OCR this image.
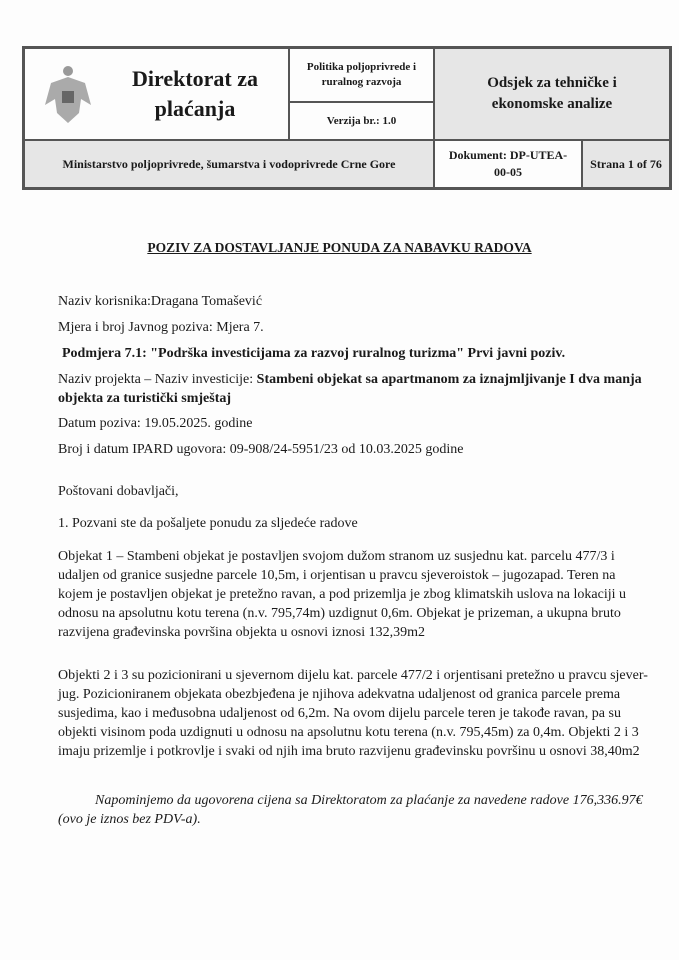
Direktorat za plaćanja
Politika poljoprivrede i ruralnog razvoja
Verzija br.: 1.0
Odsjek za tehničke i ekonomske analize
Ministarstvo poljoprivrede, šumarstva i vodoprivrede Crne Gore
Dokument: DP-UTEA-00-05
Strana 1 of 76
POZIV ZA DOSTAVLJANJE PONUDA ZA NABAVKU RADOVA
Naziv korisnika:Dragana Tomašević
Mjera i broj Javnog poziva: Mjera 7.
Podmjera 7.1: "Podrška investicijama za razvoj ruralnog turizma" Prvi javni poziv.
Naziv projekta – Naziv investicije: Stambeni objekat sa apartmanom za iznajmljivanje I dva manja objekta za turistički smještaj
Datum poziva: 19.05.2025. godine
Broj i datum IPARD ugovora: 09-908/24-5951/23 od 10.03.2025 godine
Poštovani dobavljači,
1. Pozvani ste da pošaljete ponudu za sljedeće radove
Objekat 1 – Stambeni objekat je postavljen svojom dužom stranom uz susjednu kat. parcelu 477/3 i udaljen od granice susjedne parcele 10,5m, i orjentisan u pravcu sjeveroistok – jugozapad. Teren na kojem je postavljen objekat je pretežno ravan, a pod prizemlja je zbog klimatskih uslova na lokaciji u odnosu na apsolutnu kotu terena (n.v. 795,74m) uzdignut 0,6m. Objekat je prizeman, a ukupna bruto razvijena građevinska površina objekta u osnovi iznosi 132,39m2
Objekti 2 i 3 su pozicionirani u sjevernom dijelu kat. parcele 477/2 i orjentisani pretežno u pravcu sjever-jug. Pozicioniranem objekata obezbjeđena je njihova adekvatna udaljenost od granica parcele prema susjedima, kao i međusobna udaljenost od 6,2m. Na ovom dijelu parcele teren je takođe ravan, pa su objekti visinom poda uzdignuti u odnosu na apsolutnu kotu terena (n.v. 795,45m) za 0,4m. Objekti 2 i 3 imaju prizemlje i potkrovlje i svaki od njih ima bruto razvijenu građevinsku površinu u osnovi 38,40m2
Napominjemo da ugovorena cijena sa Direktoratom za plaćanje za navedene radove 176,336.97€ (ovo je iznos bez PDV-a).
